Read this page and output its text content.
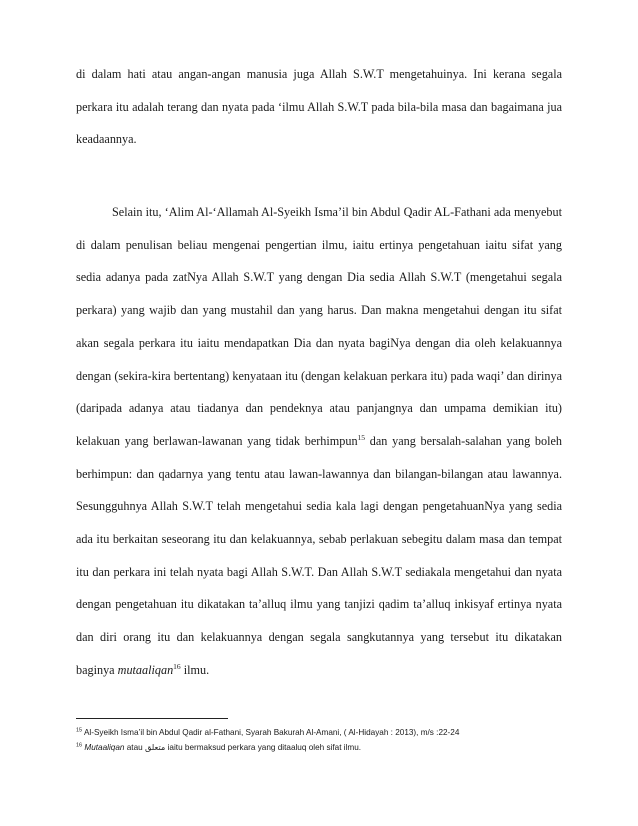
di dalam hati atau angan-angan manusia juga Allah S.W.T mengetahuinya. Ini kerana segala perkara itu adalah terang dan nyata pada ‘ilmu Allah S.W.T pada bila-bila masa dan bagaimana jua keadaannya.

Selain itu, ‘Alim Al-‘Allamah Al-Syeikh Isma’il bin Abdul Qadir AL-Fathani ada menyebut di dalam penulisan beliau mengenai pengertian ilmu, iaitu ertinya pengetahuan iaitu sifat yang sedia adanya pada zatNya Allah S.W.T yang dengan Dia sedia Allah S.W.T (mengetahui segala perkara) yang wajib dan yang mustahil dan yang harus. Dan makna mengetahui dengan itu sifat akan segala perkara itu iaitu mendapatkan Dia dan nyata bagiNya dengan dia oleh kelakuannya dengan (sekira-kira bertentang) kenyataan itu (dengan kelakuan perkara itu) pada waqi’ dan dirinya (daripada adanya atau tiadanya dan pendeknya atau panjangnya dan umpama demikian itu) kelakuan yang berlawan-lawanan yang tidak berhimpun$^{15}$ dan yang bersalah-salahan yang boleh berhimpun: dan qadarnya yang tentu atau lawan-lawannya dan bilangan-bilangan atau lawannya. Sesungguhnya Allah S.W.T telah mengetahui sedia kala lagi dengan pengetahuanNya yang sedia ada itu berkaitan seseorang itu dan kelakuannya, sebab perlakuan sebegitu dalam masa dan tempat itu dan perkara ini telah nyata bagi Allah S.W.T. Dan Allah S.W.T sediakala mengetahui dan nyata dengan pengetahuan itu dikatakan ta’alluq ilmu yang tanjizi qadim ta’alluq inkisyaf ertinya nyata dan diri orang itu dan kelakuannya dengan segala sangkutannya yang tersebut itu dikatakan baginya mutaaliqan$^{16}$ ilmu.

$^{15}$ Al-Syeikh Isma’il bin Abdul Qadir al-Fathani, Syarah Bakurah Al-Amani, ( Al-Hidayah : 2013), m/s :22-24
$^{16}$ Mutaaliqan atau متعلق iaitu bermaksud perkara yang ditaaluq oleh sifat ilmu.
